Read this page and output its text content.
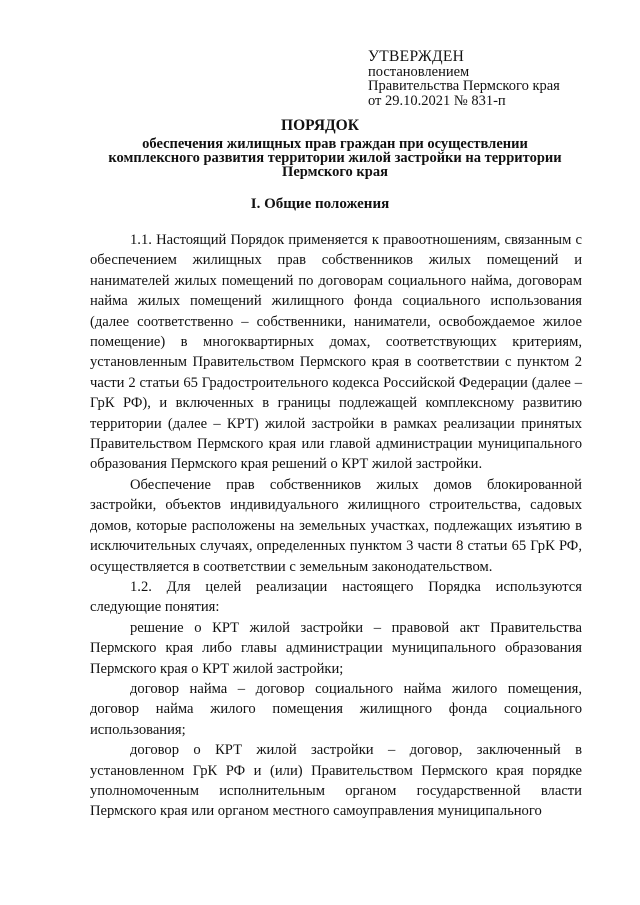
УТВЕРЖДЕН
постановлением
Правительства Пермского края
от 29.10.2021 № 831-п
ПОРЯДОК
обеспечения жилищных прав граждан при осуществлении комплексного развития территории жилой застройки на территории Пермского края
I. Общие положения

1.1. Настоящий Порядок применяется к правоотношениям, связанным с обеспечением жилищных прав собственников жилых помещений и нанимателей жилых помещений по договорам социального найма, договорам найма жилых помещений жилищного фонда социального использования (далее соответственно – собственники, наниматели, освобождаемое жилое помещение) в многоквартирных домах, соответствующих критериям, установленным Правительством Пермского края в соответствии с пунктом 2 части 2 статьи 65 Градостроительного кодекса Российской Федерации (далее – ГрК РФ), и включенных в границы подлежащей комплексному развитию территории (далее – КРТ) жилой застройки в рамках реализации принятых Правительством Пермского края или главой администрации муниципального образования Пермского края решений о КРТ жилой застройки.

Обеспечение прав собственников жилых домов блокированной застройки, объектов индивидуального жилищного строительства, садовых домов, которые расположены на земельных участках, подлежащих изъятию в исключительных случаях, определенных пунктом 3 части 8 статьи 65 ГрК РФ, осуществляется в соответствии с земельным законодательством.

1.2. Для целей реализации настоящего Порядка используются следующие понятия:

решение о КРТ жилой застройки – правовой акт Правительства Пермского края либо главы администрации муниципального образования Пермского края о КРТ жилой застройки;

договор найма – договор социального найма жилого помещения, договор найма жилого помещения жилищного фонда социального использования;

договор о КРТ жилой застройки – договор, заключенный в установленном ГрК РФ и (или) Правительством Пермского края порядке уполномоченным исполнительным органом государственной власти Пермского края или органом местного самоуправления муниципального
